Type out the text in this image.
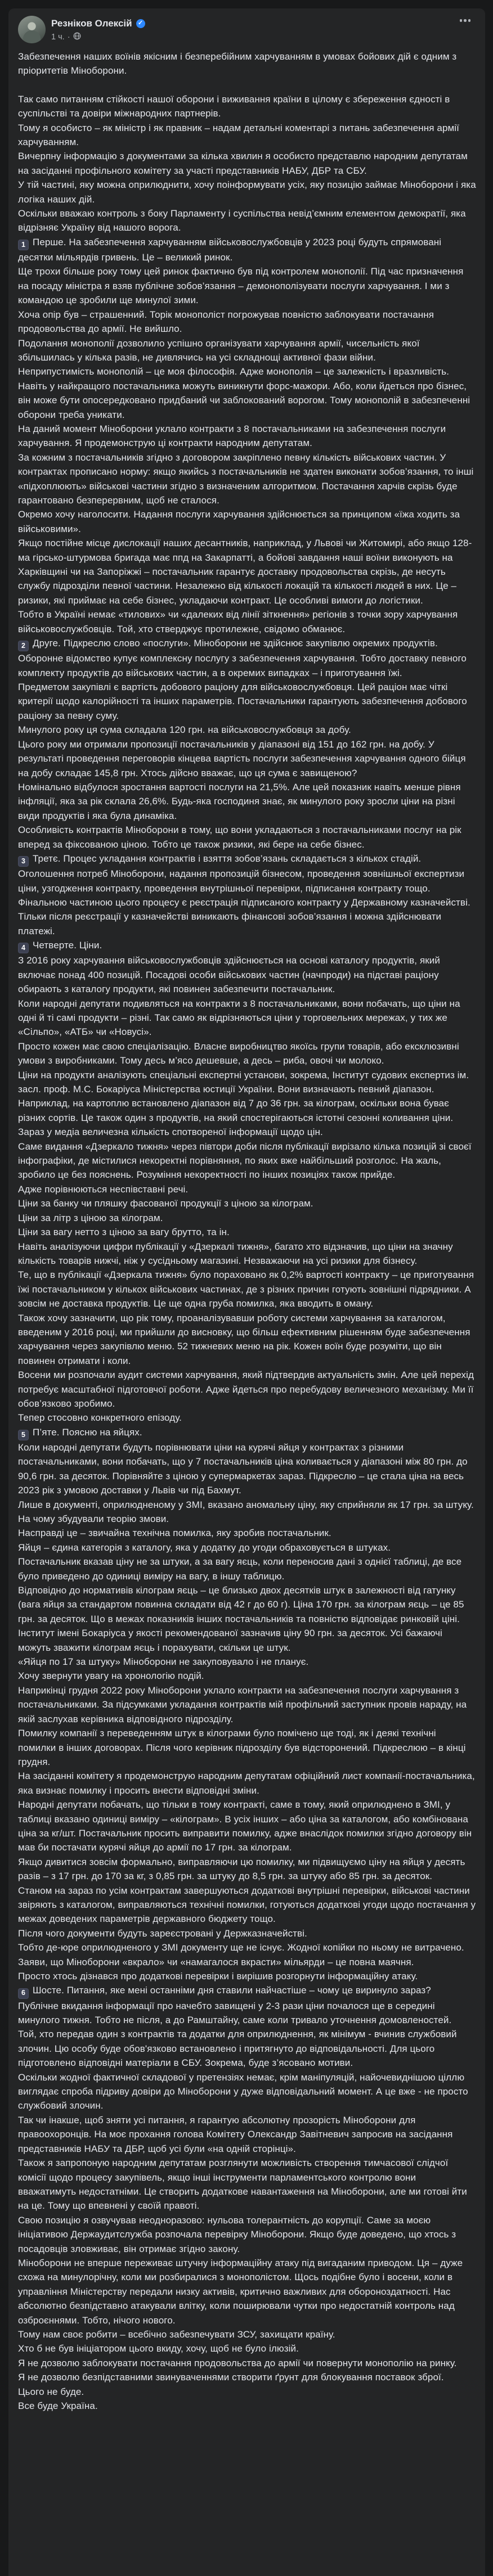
Резніков Олексій ✓
1 ч. ·
Забезпечення наших воїнів якісним і безперебійним харчуванням в умовах бойових дій є одним з пріоритетів Міноборони.
Так само питанням стійкості нашої оборони і виживання країни в цілому є збереження єдності в суспільстві та довіри міжнародних партнерів.
Тому я особисто – як міністр і як правник – надам детальні коментарі з питань забезпечення армії харчуванням.
Вичерпну інформацію з документами за кілька хвилин я особисто представлю народним депутатам на засіданні профільного комітету за участі представників НАБУ, ДБР та СБУ.
У тій частині, яку можна оприлюднити, хочу поінформувати усіх, яку позицію займає Міноборони і яка логіка наших дій.
Оскільки вважаю контроль з боку Парламенту і суспільства невід’ємним елементом демократії, яка відрізняє Україну від нашого ворога.
1 Перше. На забезпечення харчуванням військовослужбовців у 2023 році будуть спрямовані десятки мільярдів гривень. Це – великий ринок.
Ще трохи більше року тому цей ринок фактично був під контролем монополії. Під час призначення на посаду міністра я взяв публічне зобов’язання – демонополізувати послуги харчування. І ми з командою це зробили ще минулої зими.
Хоча опір був – страшенний. Торік монополіст погрожував повністю заблокувати постачання продовольства до армії. Не вийшло.
Подолання монополії дозволило успішно організувати харчування армії, чисельність якої збільшилась у кілька разів, не дивлячись на усі складнощі активної фази війни.
Неприпустимість монополій – це моя філософія. Адже монополія – це залежність і вразливість. Навіть у найкращого постачальника можуть виникнути форс-мажори. Або, коли йдеться про бізнес, він може бути опосередковано придбаний чи заблокований ворогом. Тому монополій в забезпеченні оборони треба уникати.
На даний момент Міноборони уклало контракти з 8 постачальниками на забезпечення послуги харчування. Я продемонструю ці контракти народним депутатам.
За кожним з постачальників згідно з договором закріплено певну кількість військових частин. У контрактах прописано норму: якщо якийсь з постачальників не здатен виконати зобов’язання, то інші «підхоплюють» військові частини згідно з визначеним алгоритмом. Постачання харчів скрізь буде гарантовано безперервним, щоб не сталося.
Окремо хочу наголосити. Надання послуги харчування здійснюється за принципом «їжа ходить за військовими».
Якщо постійне місце дислокації наших десантників, наприклад, у Львові чи Житомирі, або якщо 128-ма гірсько-штурмова бригада має ппд на Закарпатті, а бойові завдання наші воїни виконують на Харківщині чи на Запоріжжі – постачальник гарантує доставку продовольства скрізь, де несуть службу підрозділи певної частини. Незалежно від кількості локацій та кількості людей в них. Це – ризики, які приймає на себе бізнес, укладаючи контракт. Це особливі вимоги до логістики.
Тобто в Україні немає «тилових» чи «далеких від лінії зіткнення» регіонів з точки зору харчування військовослужбовців. Той, хто стверджує протилежне, свідомо обманює.
2 Друге. Підкреслю слово «послуги». Міноборони не здійснює закупівлю окремих продуктів. Оборонне відомство купує комплексну послугу з забезпечення харчування. Тобто доставку певного комплекту продуктів до військових частин, а в окремих випадках – і приготування їжі.
Предметом закупівлі є вартість добового раціону для військовослужбовця. Цей раціон має чіткі критерії щодо калорійності та інших параметрів. Постачальники гарантують забезпечення добового раціону за певну суму.
Минулого року ця сума складала 120 грн. на військовослужбовця за добу.
Цього року ми отримали пропозиції постачальників у діапазоні від 151 до 162 грн. на добу. У результаті проведення переговорів кінцева вартість послуги забезпечення харчування одного бійця на добу складає 145,8 грн. Хтось дійсно вважає, що ця сума є завищеною?
Номінально відбулося зростання вартості послуги на 21,5%. Але цей показник навіть менше рівня інфляції, яка за рік склала 26,6%. Будь-яка господиня знає, як минулого року зросли ціни на різні види продуктів і яка була динаміка.
Особливість контрактів Міноборони в тому, що вони укладаються з постачальниками послуг на рік вперед за фіксованою ціною. Тобто це також ризики, які бере на себе бізнес.
3 Третє. Процес укладання контрактів і взяття зобов’язань складається з кількох стадій. Оголошення потреб Міноборони, надання пропозицій бізнесом, проведення зовнішньої експертизи ціни, узгодження контракту, проведення внутрішньої перевірки, підписання контракту тощо.
Фінальною частиною цього процесу є реєстрація підписаного контракту у Державному казначействі. Тільки після реєстрації у казначействі виникають фінансові зобов’язання і можна здійснювати платежі.
4 Четверте. Ціни.
З 2016 року харчування військовослужбовців здійснюється на основі каталогу продуктів, який включає понад 400 позицій. Посадові особи військових частин (начпроди) на підставі раціону обирають з каталогу продукти, які повинен забезпечити постачальник.
Коли народні депутати подивляться на контракти з 8 постачальниками, вони побачать, що ціни на одні й ті самі продукти – різні. Так само як відрізняються ціни у торговельних мережах, у тих же «Сільпо», «АТБ» чи «Новусі».
Просто кожен має свою спеціалізацію. Власне виробництво якоїсь групи товарів, або ексклюзивні умови з виробниками. Тому десь м’ясо дешевше, а десь – риба, овочі чи молоко.
Ціни на продукти аналізують спеціальні експертні установи, зокрема, Інститут судових експертиз ім. засл. проф. М.С. Бокаріуса Міністерства юстиції України. Вони визначають певний діапазон.
Наприклад, на картоплю встановлено діапазон від 7 до 36 грн. за кілограм, оскільки вона буває різних сортів. Це також один з продуктів, на який спостерігаються істотні сезонні коливання ціни.
Зараз у медіа величезна кількість спотвореної інформації щодо цін.
Саме видання «Дзеркало тижня» через півтори доби після публікації вирізало кілька позицій зі своєї інфографіки, де містилися некоректні порівняння, по яких вже найбільший розголос. На жаль, зробило це без пояснень. Розуміння некоректності по інших позиціях також прийде.
Адже порівнюються неспівставні речі.
Ціни за банку чи пляшку фасованої продукції з ціною за кілограм.
Ціни за літр з ціною за кілограм.
Ціни за вагу нетто з ціною за вагу брутто, та ін.
Навіть аналізуючи цифри публікації у «Дзеркалі тижня», багато хто відзначив, що ціни на значну кількість товарів нижчі, ніж у сусідньому магазині. Незважаючи на усі ризики для бізнесу.
Те, що в публікації «Дзеркала тижня» було пораховано як 0,2% вартості контракту – це приготування їжі постачальником у кількох військових частинах, де з різних причин готують зовнішні підрядники. А зовсім не доставка продуктів. Це ще одна груба помилка, яка вводить в оману.
Також хочу зазначити, що рік тому, проаналізувавши роботу системи харчування за каталогом, введеним у 2016 році, ми прийшли до висновку, що більш ефективним рішенням буде забезпечення харчування через закупівлю меню. 52 тижневих меню на рік. Кожен воїн буде розуміти, що він повинен отримати і коли.
Восени ми розпочали аудит системи харчування, який підтвердив актуальність змін. Але цей перехід потребує масштабної підготовчої роботи. Адже йдеться про перебудову величезного механізму. Ми її обов’язково зробимо.
Тепер стосовно конкретного епізоду.
5 П’яте. Поясню на яйцях.
Коли народні депутати будуть порівнювати ціни на курячі яйця у контрактах з різними постачальниками, вони побачать, що у 7 постачальників ціна коливається у діапазоні між 80 грн. до 90,6 грн. за десяток. Порівняйте з ціною у супермаркетах зараз. Підкреслю – це стала ціна на весь 2023 рік з умовою доставки у Львів чи під Бахмут.
Лише в документі, оприлюдненому у ЗМІ, вказано аномальну ціну, яку сприйняли як 17 грн. за штуку. На чому збудували теорію змови.
Насправді це – звичайна технічна помилка, яку зробив постачальник.
Яйця – єдина категорія з каталогу, яка у додатку до угоди обраховується в штуках.
Постачальник вказав ціну не за штуки, а за вагу яєць, коли переносив дані з однієї таблиці, де все було приведено до одиниці виміру на вагу, в іншу таблицю.
Відповідно до нормативів кілограм яєць – це близько двох десятків штук в залежності від гатунку (вага яйця за стандартом повинна складати від 42 г до 60 г). Ціна 170 грн. за кілограм яєць – це 85 грн. за десяток. Що в межах показників інших постачальників та повністю відповідає ринковій ціні. Інститут імені Бокаріуса у якості рекомендованої зазначив ціну 90 грн. за десяток. Усі бажаючі можуть зважити кілограм яєць і порахувати, скільки це штук.
«Яйця по 17 за штуку» Міноборони не закуповувало і не планує.
Хочу звернути увагу на хронологію подій.
Наприкінці грудня 2022 року Міноборони уклало контракти на забезпечення послуги харчування з постачальниками. За підсумками укладання контрактів мій профільний заступник провів нараду, на якій заслухав керівника відповідного підрозділу.
Помилку компанії з переведенням штук в кілограми було помічено ще тоді, як і деякі технічні помилки в інших договорах. Після чого керівник підрозділу був відсторонений. Підкреслюю – в кінці грудня.
На засіданні комітету я продемонструю народним депутатам офіційний лист компанії-постачальника, яка визнає помилку і просить внести відповідні зміни.
Народні депутати побачать, що тільки в тому контракті, саме в тому, який оприлюднено в ЗМІ, у таблиці вказано одиниці виміру – «кілограм». В усіх інших – або ціна за каталогом, або комбінована ціна за кг/шт. Постачальник просить виправити помилку, адже внаслідок помилки згідно договору він мав би постачати курячі яйця до армії по 17 грн. за кілограм.
Якщо дивитися зовсім формально, виправляючи цю помилку, ми підвищуємо ціну на яйця у десять разів – з 17 грн. до 170 за кг, з 0,85 грн. за штуку до 8,5 грн. за штуку або 85 грн. за десяток.
Станом на зараз по усім контрактам завершуються додаткові внутрішні перевірки, військові частини звіряють з каталогом, виправляються технічні помилки, готуються додаткові угоди щодо постачання у межах доведених параметрів державного бюджету тощо.
Після чого документи будуть зареєстровані у Держказначействі.
Тобто де-юре оприлюдненого у ЗМІ документу ще не існує. Жодної копійки по ньому не витрачено. Заяви, що Міноборони «вкрало» чи «намагалося вкрасти» мільярди – це повна маячня.
Просто хтось дізнався про додаткові перевірки і вирішив розгорнути інформаційну атаку.
6 Шосте. Питання, яке мені останніми дня ставили найчастіше – чому це виринуло зараз?
Публічне вкидання інформації про начебто завищені у 2-3 рази ціни почалося ще в середині минулого тижня. Тобто не після, а до Рамштайну, саме коли тривало уточнення домовленостей.
Той, хто передав один з контрактів та додатки для оприлюднення, як мінімум - вчинив службовий злочин. Цю особу буде обов'язково встановлено і притягнуто до відповідальності. Для цього підготовлено відповідні матеріали в СБУ. Зокрема, буде з’ясовано мотиви.
Оскільки жодної фактичної складової у претензіях немає, крім маніпуляцій, найочевиднішою ціллю виглядає спроба підриву довіри до Міноборони у дуже відповідальний момент. А це вже - не просто службовий злочин.
Так чи інакше, щоб зняти усі питання, я гарантую абсолютну прозорість Міноборони для правоохоронців. На моє прохання голова Комітету Олександр Завітневич запросив на засідання представників НАБУ та ДБР, щоб усі були «на одній сторінці».
Також я запропоную народним депутатам розглянути можливість створення тимчасової слідчої комісії щодо процесу закупівель, якщо інші інструменти парламентського контролю вони вважатимуть недостатніми. Це створить додаткове навантаження на Міноборони, але ми готові йти на це. Тому що впевнені у своїй правоті.
Свою позицію я озвучував неодноразово: нульова толерантність до корупції. Саме за моєю ініціативою Держаудитслужба розпочала перевірку Міноборони. Якщо буде доведено, що хтось з посадовців зловживає, він отримає згідно закону.
Міноборони не вперше переживає штучну інформаційну атаку під вигаданим приводом. Ця – дуже схожа на минулорічну, коли ми розбиралися з монополістом. Щось подібне було і восени, коли в управління Міністерству передали низку активів, критично важливих для обороноздатності. Нас абсолютно безпідставно атакували влітку, коли поширювали чутки про недостатній контроль над озброєннями. Тобто, нічого нового.
Тому нам своє робити – всебічно забезпечувати ЗСУ, захищати країну.
Хто б не був ініціатором цього вкиду, хочу, щоб не було ілюзій.
Я не дозволю заблокувати постачання продовольства до армії чи повернути монополію на ринку.
Я не дозволю безпідставними звинуваченнями створити ґрунт для блокування поставок зброї.
Цього не буде.
Все буде Україна.
